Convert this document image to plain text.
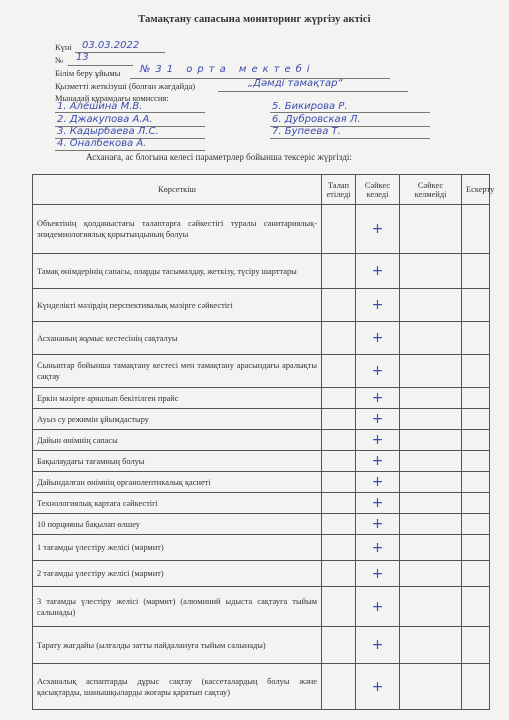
Тамақтану сапасына мониторинг жүргізу актісі
Күні 03.03.2022
№ 13
Білім беру ұйымы №31 орта мектебі
Қызметті жеткізуші (болған жағдайда)	„Дәмді тамақтар“
Мынадай құрамдағы комиссия:
1. Алёшина М.В.
2. Джакупова А.А.
3. Кадырбаева Л.С.
4. Оналбекова А.
5. Бикирова Р.
6. Дубровская Л.
7. Бупеева Т.
Асханаға, ас блогына келесі параметрлер бойынша тексеріс жүргізді:
Көрсеткіш	Талап етіледі	Сәйкес келеді	Сәйкес келмейді	Ескерту

Объектінің қолданыстағы талаптарға сәйкестігі туралы санитариялық-эпидемиологиялық қорытындының болуы		+		
Тамақ өнімдерінің сапасы, оларды тасымалдау, жеткізу, түсіру шарттары		+		
Күнделікті мәзірдің перспективалық мәзірге сәйкестігі		+		
Асхананың жұмыс кестесінің сақталуы		+		
Сыныптар бойынша тамақтану кестесі мен тамақтану арасындағы аралықты сақтау		+		
Еркін мәзірге арналып бекітілген прайс		+		
Ауыз су режимін ұйымдастыру		+		
Дайын өнімнің сапасы		+		
Бақылаудағы тағамның болуы		+		
Дайындалған өнімнің органолептикалық қасиеті		+		
Технологиялық картаға сәйкестігі		+		
10 порцияны бақылап өлшеу		+		
1 тағамды үлестіру желісі (мармит)		+		
2 тағамды үлестіру желісі (мармит)		+		
3 тағамды үлестіру желісі (мармит) (алюминий ыдыста сақтауға тыйым салынады)		+		
Тарату жағдайы (ылғалды затты пайдалануға тыйым салынады)		+		
Асханалық аспаптарды дұрыс сақтау (кассеталардың болуы және қасықтарды, шанышқыларды жоғары қаратып сақтау)		+		
